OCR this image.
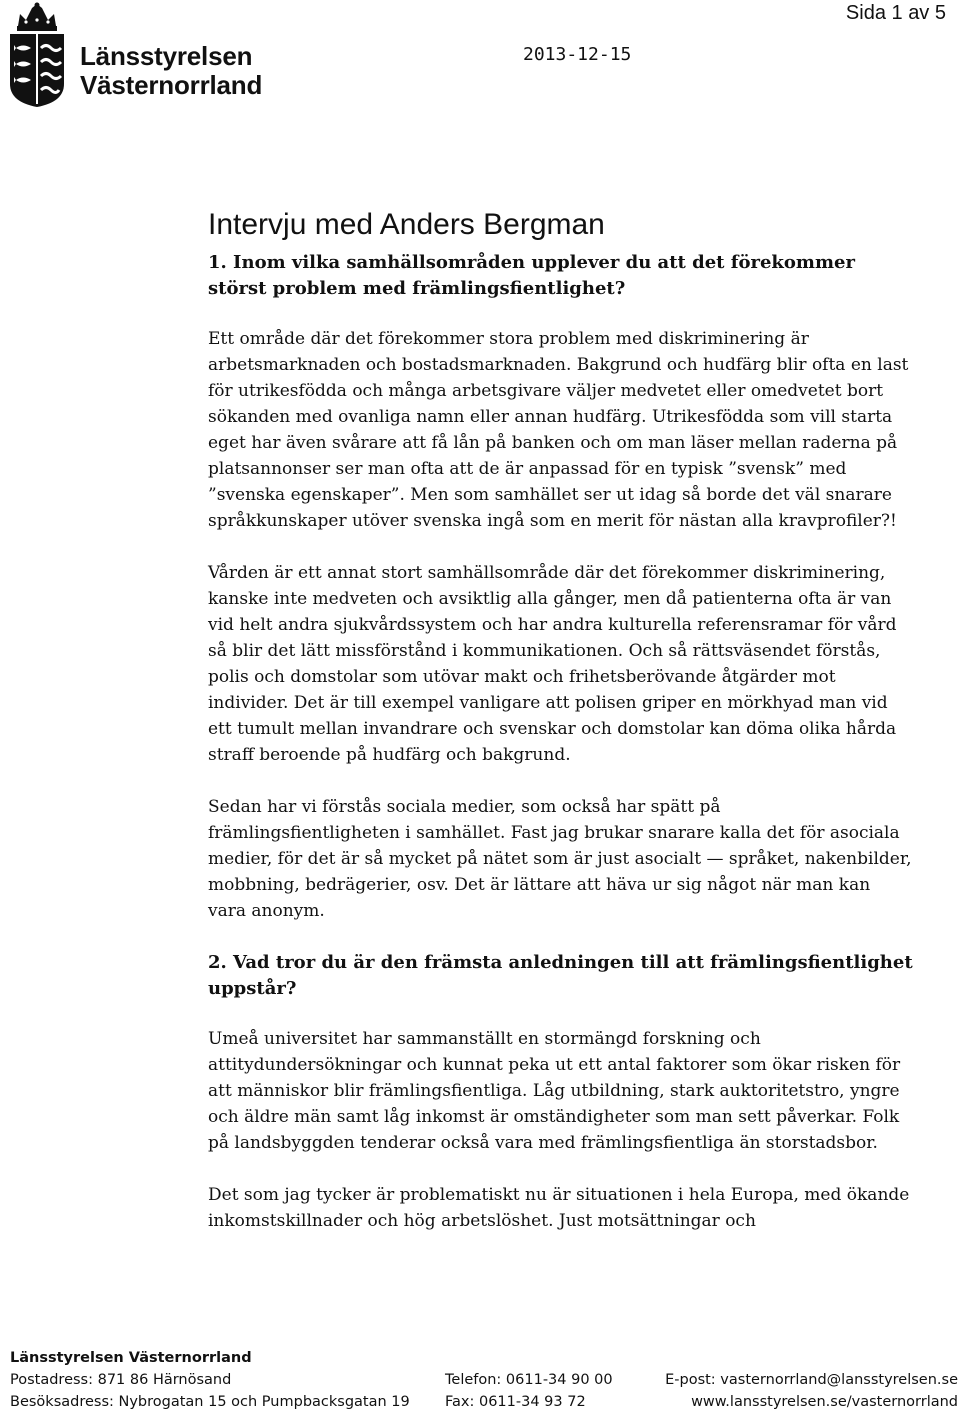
Länsstyrelsen
Västernorrland
2013-12-15
Sida 1 av 5
Intervju med Anders Bergman
1. Inom vilka samhällsområden upplever du att det förekommer störst problem med främlingsfientlighet?
Ett område där det förekommer stora problem med diskriminering är arbetsmarknaden och bostadsmarknaden. Bakgrund och hudfärg blir ofta en last för utrikesfödda och många arbetsgivare väljer medvetet eller omedvetet bort sökanden med ovanliga namn eller annan hudfärg. Utrikesfödda som vill starta eget har även svårare att få lån på banken och om man läser mellan raderna på platsannonser ser man ofta att de är anpassad för en typisk ”svensk” med ”svenska egenskaper”. Men som samhället ser ut idag så borde det väl snarare språkkunskaper utöver svenska ingå som en merit för nästan alla kravprofiler?!
Vården är ett annat stort samhällsområde där det förekommer diskriminering, kanske inte medveten och avsiktlig alla gånger, men då patienterna ofta är van vid helt andra sjukvårdssystem och har andra kulturella referensramar för vård så blir det lätt missförstånd i kommunikationen. Och så rättsväsendet förstås, polis och domstolar som utövar makt och frihetsberövande åtgärder mot individer. Det är till exempel vanligare att polisen griper en mörkhyad man vid ett tumult mellan invandrare och svenskar och domstolar kan döma olika hårda straff beroende på hudfärg och bakgrund.
Sedan har vi förstås sociala medier, som också har spätt på främlingsfientligheten i samhället. Fast jag brukar snarare kalla det för asociala medier, för det är så mycket på nätet som är just asocialt — språket, nakenbilder, mobbning, bedrägerier, osv. Det är lättare att häva ur sig något när man kan vara anonym.
2. Vad tror du är den främsta anledningen till att främlingsfientlighet uppstår?
Umeå universitet har sammanställt en stormängd forskning och attitydundersökningar och kunnat peka ut ett antal faktorer som ökar risken för att människor blir främlingsfientliga. Låg utbildning, stark auktoritetstro, yngre och äldre män samt låg inkomst är omständigheter som man sett påverkar. Folk på landsbyggden tenderar också vara med främlingsfientliga än storstadsbor.
Det som jag tycker är problematiskt nu är situationen i hela Europa, med ökande inkomstskillnader och hög arbetslöshet. Just motsättningar och
Länsstyrelsen Västernorrland
Postadress: 871 86 Härnösand
Besöksadress: Nybrogatan 15 och Pumpbacksgatan 19
Telefon: 0611-34 90 00
Fax: 0611-34 93 72
E-post: vasternorrland@lansstyrelsen.se
www.lansstyrelsen.se/vasternorrland
